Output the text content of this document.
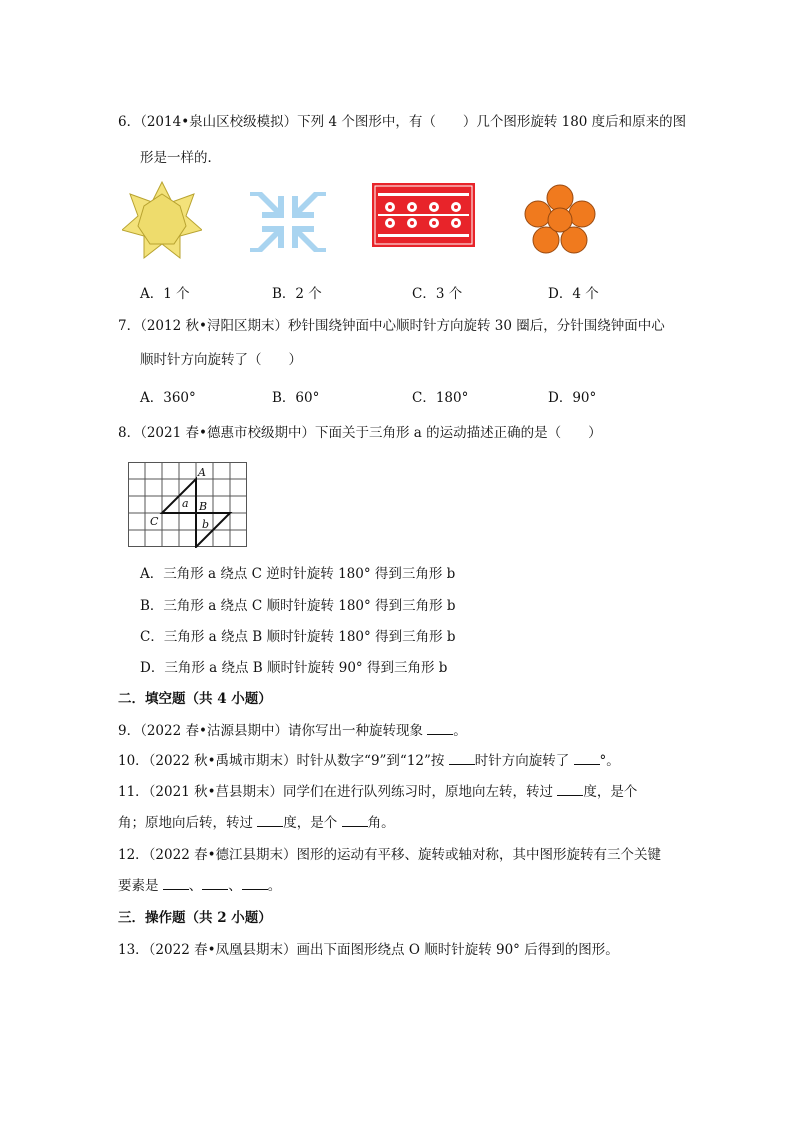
6．（2014•泉山区校级模拟）下列 4 个图形中，有（　　）几个图形旋转 180 度后和原来的图
形是一样的．
A．1 个	B．2 个	C．3 个	D．4 个
7．（2012 秋•浔阳区期末）秒针围绕钟面中心顺时针方向旋转 30 圈后，分针围绕钟面中心
顺时针方向旋转了（　　）
A．360°	B．60°	C．180°	D．90°
8．（2021 春•德惠市校级期中）下面关于三角形 a 的运动描述正确的是（　　）
A
a B
C	b
A．三角形 a 绕点 C 逆时针旋转 180° 得到三角形 b
B．三角形 a 绕点 C 顺时针旋转 180° 得到三角形 b
C．三角形 a 绕点 B 顺时针旋转 180° 得到三角形 b
D．三角形 a 绕点 B 顺时针旋转 90° 得到三角形 b
二．填空题（共 4 小题）
9．（2022 春•沽源县期中）请你写出一种旋转现象 。
10．（2022 秋•禹城市期末）时针从数字“9”到“12”按 时针方向旋转了 °。
11．（2021 秋•莒县期末）同学们在进行队列练习时，原地向左转，转过 度，是个
角；原地向后转，转过 度，是个 角。
12．（2022 春•德江县期末）图形的运动有平移、旋转或轴对称，其中图形旋转有三个关键
要素是 、 、 。
三．操作题（共 2 小题）
13．（2022 春•凤凰县期末）画出下面图形绕点 O 顺时针旋转 90° 后得到的图形。
